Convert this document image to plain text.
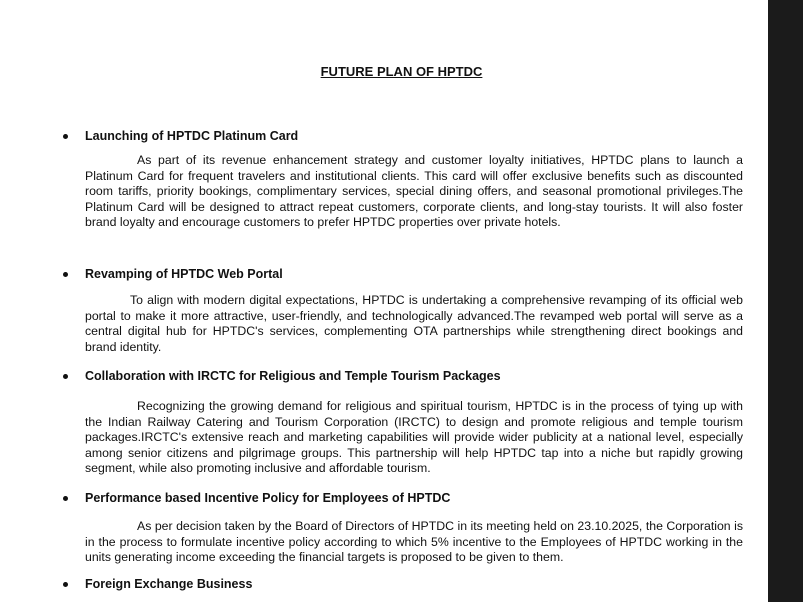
FUTURE PLAN OF HPTDC
Launching of HPTDC Platinum Card
As part of its revenue enhancement strategy and customer loyalty initiatives, HPTDC plans to launch a Platinum Card for frequent travelers and institutional clients. This card will offer exclusive benefits such as discounted room tariffs, priority bookings, complimentary services, special dining offers, and seasonal promotional privileges.The Platinum Card will be designed to attract repeat customers, corporate clients, and long-stay tourists. It will also foster brand loyalty and encourage customers to prefer HPTDC properties over private hotels.
Revamping of HPTDC Web Portal
To align with modern digital expectations, HPTDC is undertaking a comprehensive revamping of its official web portal to make it more attractive, user-friendly, and technologically advanced.The revamped web portal will serve as a central digital hub for HPTDC's services, complementing OTA partnerships while strengthening direct bookings and brand identity.
Collaboration with IRCTC for Religious and Temple Tourism Packages
Recognizing the growing demand for religious and spiritual tourism, HPTDC is in the process of tying up with the Indian Railway Catering and Tourism Corporation (IRCTC) to design and promote religious and temple tourism packages.IRCTC's extensive reach and marketing capabilities will provide wider publicity at a national level, especially among senior citizens and pilgrimage groups. This partnership will help HPTDC tap into a niche but rapidly growing segment, while also promoting inclusive and affordable tourism.
Performance based Incentive Policy for Employees of HPTDC
As per decision taken by the Board of Directors of HPTDC in its meeting held on 23.10.2025, the Corporation is in the process to formulate incentive policy according to which 5% incentive to the Employees of HPTDC working in the units generating income exceeding the financial targets is proposed to be given to them.
Foreign Exchange Business
